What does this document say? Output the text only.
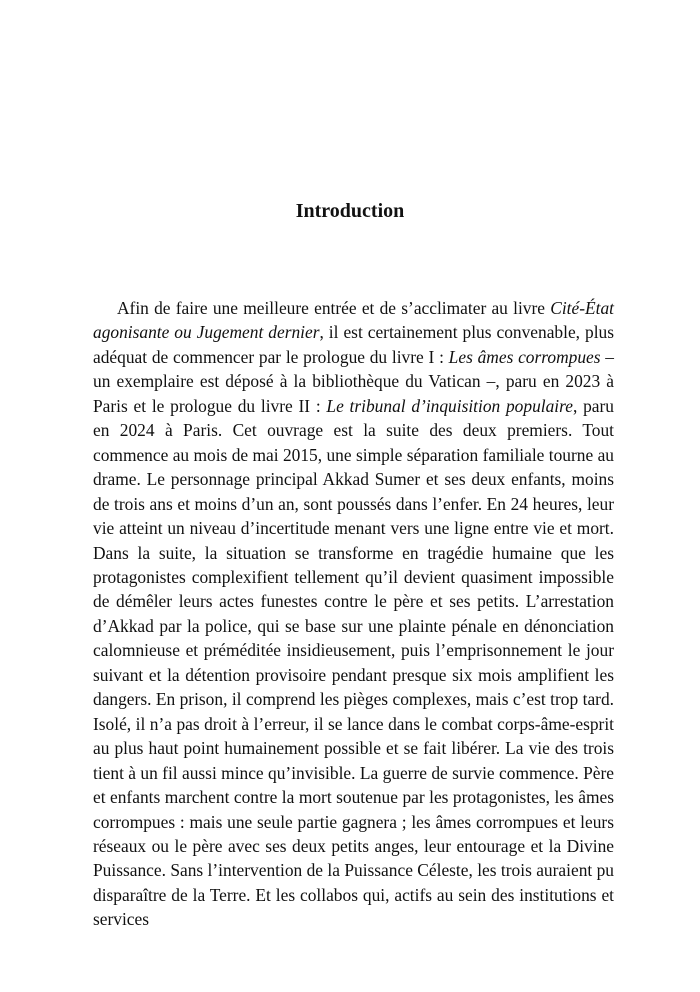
Introduction

Afin de faire une meilleure entrée et de s’acclimater au livre Cité-État agonisante ou Jugement dernier, il est certainement plus convenable, plus adéquat de commencer par le prologue du livre I : Les âmes corrompues – un exemplaire est déposé à la bibliothèque du Vatican –, paru en 2023 à Paris et le prologue du livre II : Le tribunal d’inquisition populaire, paru en 2024 à Paris. Cet ouvrage est la suite des deux premiers. Tout commence au mois de mai 2015, une simple séparation familiale tourne au drame. Le personnage principal Akkad Sumer et ses deux enfants, moins de trois ans et moins d’un an, sont poussés dans l’enfer. En 24 heures, leur vie atteint un niveau d’incertitude menant vers une ligne entre vie et mort. Dans la suite, la situation se transforme en tragédie humaine que les protagonistes complexifient tellement qu’il devient quasiment impossible de démêler leurs actes funestes contre le père et ses petits. L’arrestation d’Akkad par la police, qui se base sur une plainte pénale en dénonciation calomnieuse et préméditée insidieusement, puis l’emprisonnement le jour suivant et la détention provisoire pendant presque six mois amplifient les dangers. En prison, il comprend les pièges complexes, mais c’est trop tard. Isolé, il n’a pas droit à l’erreur, il se lance dans le combat corps-âme-esprit au plus haut point humainement possible et se fait libérer. La vie des trois tient à un fil aussi mince qu’invisible. La guerre de survie commence. Père et enfants marchent contre la mort soutenue par les protagonistes, les âmes corrompues : mais une seule partie gagnera ; les âmes corrompues et leurs réseaux ou le père avec ses deux petits anges, leur entourage et la Divine Puissance. Sans l’intervention de la Puissance Céleste, les trois auraient pu disparaître de la Terre. Et les collabos qui, actifs au sein des institutions et services
